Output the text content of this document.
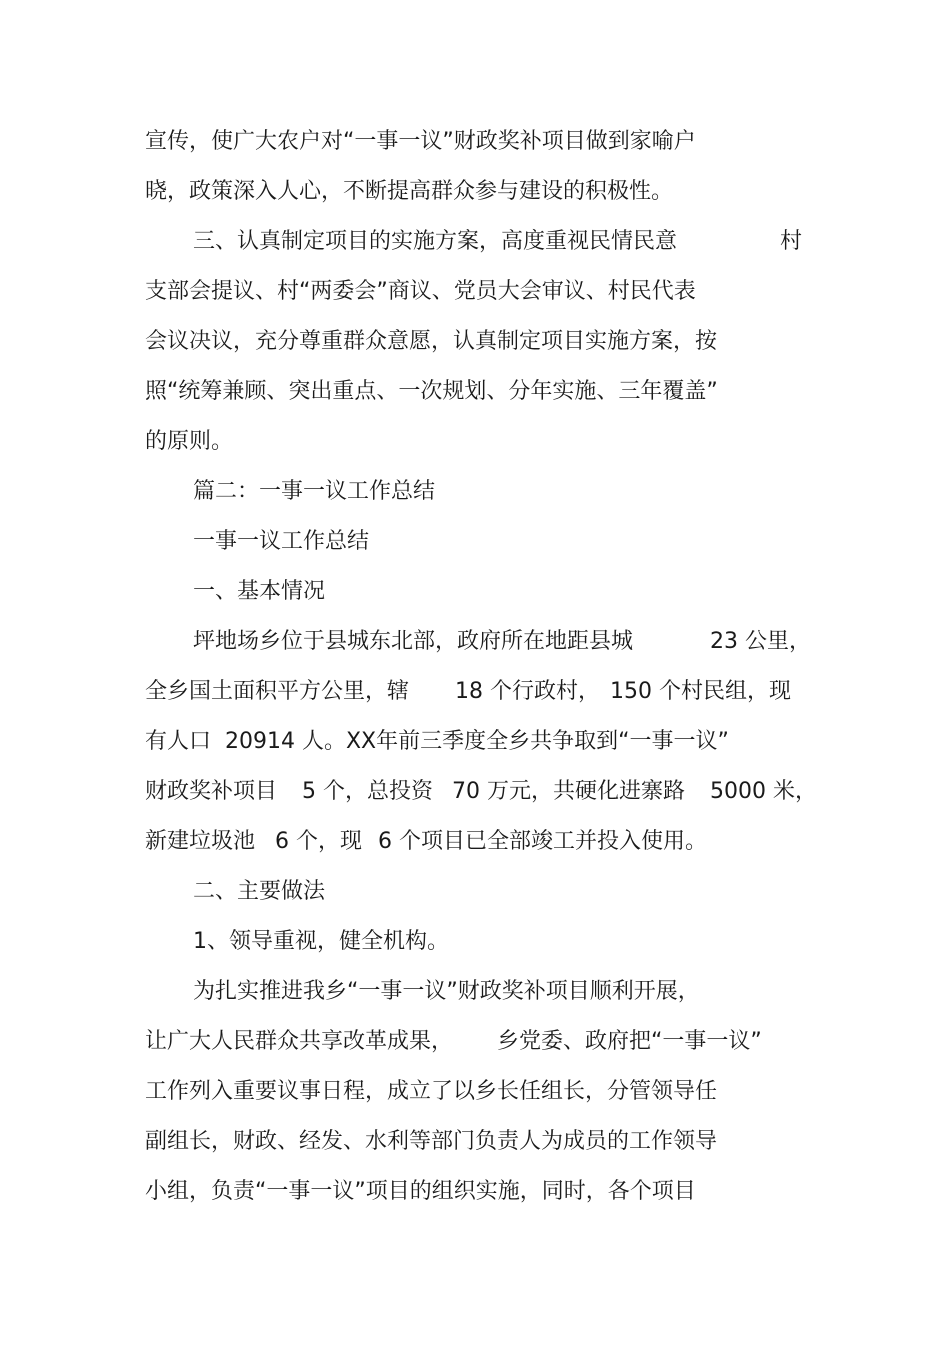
宣传，使广大农户对“一事一议”财政奖补项目做到家喻户
晓，政策深入人心，不断提高群众参与建设的积极性。
三、认真制定项目的实施方案，高度重视民情民意	村
支部会提议、村“两委会”商议、党员大会审议、村民代表
会议决议，充分尊重群众意愿，认真制定项目实施方案，按
照“统筹兼顾、突出重点、一次规划、分年实施、三年覆盖”
的原则。
篇二：一事一议工作总结
一事一议工作总结
一、基本情况
坪地场乡位于县城东北部，政府所在地距县城	23 公里，
全乡国土面积平方公里，辖 18 个行政村， 150 个村民组，现
有人口  20914 人。XX年前三季度全乡共争取到“一事一议”
财政奖补项目 5 个，总投资 70 万元，共硬化进寨路 5000 米，
新建垃圾池 6 个，现 6 个项目已全部竣工并投入使用。
二、主要做法
1、领导重视，健全机构。
为扎实推进我乡“一事一议”财政奖补项目顺利开展，
让广大人民群众共享改革成果， 乡党委、政府把“一事一议”
工作列入重要议事日程，成立了以乡长任组长，分管领导任
副组长，财政、经发、水利等部门负责人为成员的工作领导
小组，负责“一事一议”项目的组织实施，同时，各个项目
